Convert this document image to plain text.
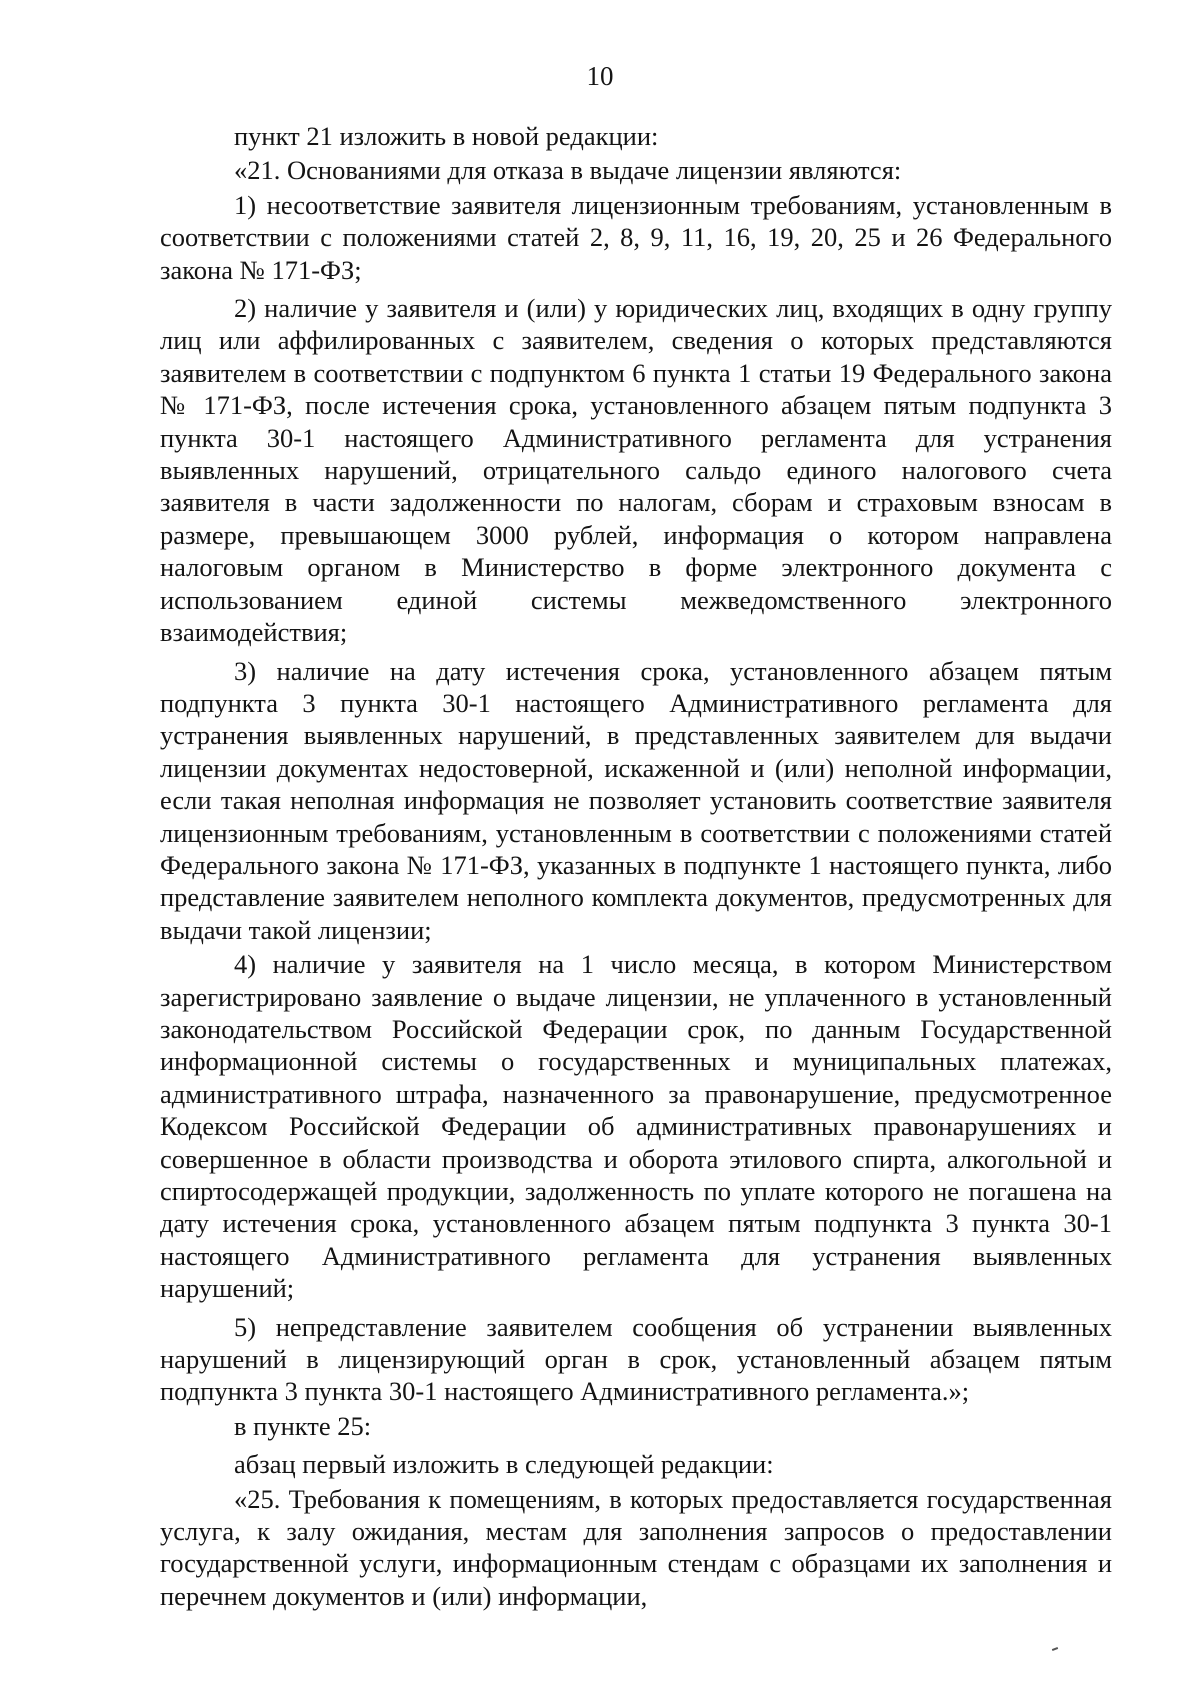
10

пункт 21 изложить в новой редакции:

«21. Основаниями для отказа в выдаче лицензии являются:

1) несоответствие заявителя лицензионным требованиям, установленным в соответствии с положениями статей 2, 8, 9, 11, 16, 19, 20, 25 и 26 Федерального закона № 171-ФЗ;

2) наличие у заявителя и (или) у юридических лиц, входящих в одну группу лиц или аффилированных с заявителем, сведения о которых представляются заявителем в соответствии с подпунктом 6 пункта 1 статьи 19 Федерального закона № 171-ФЗ, после истечения срока, установленного абзацем пятым подпункта 3 пункта 30-1 настоящего Административного регламента для устранения выявленных нарушений, отрицательного сальдо единого налогового счета заявителя в части задолженности по налогам, сборам и страховым взносам в размере, превышающем 3000 рублей, информация о котором направлена налоговым органом в Министерство в форме электронного документа с использованием единой системы межведомственного электронного взаимодействия;

3) наличие на дату истечения срока, установленного абзацем пятым подпункта 3 пункта 30-1 настоящего Административного регламента для устранения выявленных нарушений, в представленных заявителем для выдачи лицензии документах недостоверной, искаженной и (или) неполной информации, если такая неполная информация не позволяет установить соответствие заявителя лицензионным требованиям, установленным в соответствии с положениями статей Федерального закона № 171-ФЗ, указанных в подпункте 1 настоящего пункта, либо представление заявителем неполного комплекта документов, предусмотренных для выдачи такой лицензии;

4) наличие у заявителя на 1 число месяца, в котором Министерством зарегистрировано заявление о выдаче лицензии, не уплаченного в установленный законодательством Российской Федерации срок, по данным Государственной информационной системы о государственных и муниципальных платежах, административного штрафа, назначенного за правонарушение, предусмотренное Кодексом Российской Федерации об административных правонарушениях и совершенное в области производства и оборота этилового спирта, алкогольной и спиртосодержащей продукции, задолженность по уплате которого не погашена на дату истечения срока, установленного абзацем пятым подпункта 3 пункта 30-1 настоящего Административного регламента для устранения выявленных нарушений;

5) непредставление заявителем сообщения об устранении выявленных нарушений в лицензирующий орган в срок, установленный абзацем пятым подпункта 3 пункта 30-1 настоящего Административного регламента.»;

в пункте 25:

абзац первый изложить в следующей редакции:

«25. Требования к помещениям, в которых предоставляется государственная услуга, к залу ожидания, местам для заполнения запросов о предоставлении государственной услуги, информационным стендам с образцами их заполнения и перечнем документов и (или) информации,
